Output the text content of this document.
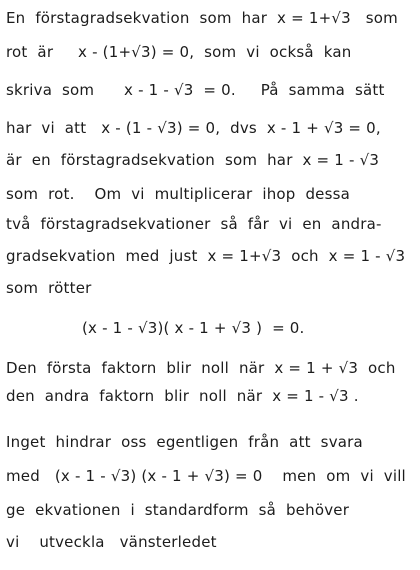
En  förstagradsekvation  som  har  x = 1+√3   som
rot  är     x - (1+√3) = 0,  som  vi  också  kan
skriva  som      x - 1 - √3  = 0.     På  samma  sätt
har  vi  att   x - (1 - √3) = 0,  dvs  x - 1 + √3 = 0,
är  en  förstagradsekvation  som  har  x = 1 - √3
som  rot.    Om  vi  multiplicerar  ihop  dessa
två  förstagradsekvationer  så  får  vi  en  andra-
gradsekvation  med  just  x = 1+√3  och  x = 1 - √3
som  rötter
(x - 1 - √3)( x - 1 + √3 )  = 0.
Den  första  faktorn  blir  noll  när  x = 1 + √3  och
den  andra  faktorn  blir  noll  när  x = 1 - √3 .
Inget  hindrar  oss  egentligen  från  att  svara
med   (x - 1 - √3) (x - 1 + √3) = 0    men  om  vi  vill
ge  ekvationen  i  standardform  så  behöver
vi    utveckla   vänsterledet
